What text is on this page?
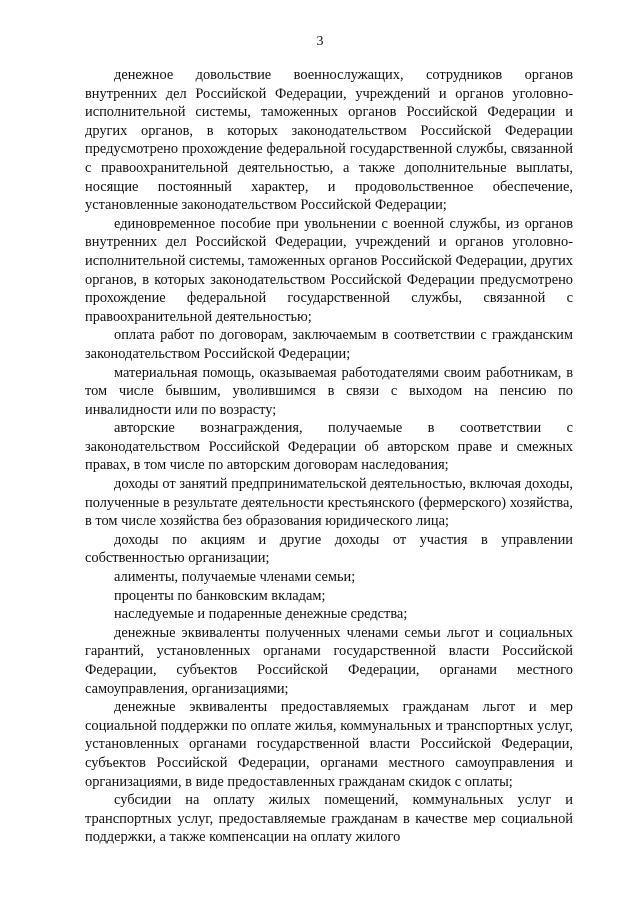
3

денежное довольствие военнослужащих, сотрудников органов внутренних дел Российской Федерации, учреждений и органов уголовно-исполнительной системы, таможенных органов Российской Федерации и других органов, в которых законодательством Российской Федерации предусмотрено прохождение федеральной государственной службы, связанной с правоохранительной деятельностью, а также дополнительные выплаты, носящие постоянный характер, и продовольственное обеспечение, установленные законодательством Российской Федерации;

единовременное пособие при увольнении с военной службы, из органов внутренних дел Российской Федерации, учреждений и органов уголовно-исполнительной системы, таможенных органов Российской Федерации, других органов, в которых законодательством Российской Федерации предусмотрено прохождение федеральной государственной службы, связанной с правоохранительной деятельностью;

оплата работ по договорам, заключаемым в соответствии с гражданским законодательством Российской Федерации;

материальная помощь, оказываемая работодателями своим работникам, в том числе бывшим, уволившимся в связи с выходом на пенсию по инвалидности или по возрасту;

авторские вознаграждения, получаемые в соответствии с законодательством Российской Федерации об авторском праве и смежных правах, в том числе по авторским договорам наследования;

доходы от занятий предпринимательской деятельностью, включая доходы, полученные в результате деятельности крестьянского (фермерского) хозяйства, в том числе хозяйства без образования юридического лица;

доходы по акциям и другие доходы от участия в управлении собственностью организации;

алименты, получаемые членами семьи;

проценты по банковским вкладам;

наследуемые и подаренные денежные средства;

денежные эквиваленты полученных членами семьи льгот и социальных гарантий, установленных органами государственной власти Российской Федерации, субъектов Российской Федерации, органами местного самоуправления, организациями;

денежные эквиваленты предоставляемых гражданам льгот и мер социальной поддержки по оплате жилья, коммунальных и транспортных услуг, установленных органами государственной власти Российской Федерации, субъектов Российской Федерации, органами местного самоуправления и организациями, в виде предоставленных гражданам скидок с оплаты;

субсидии на оплату жилых помещений, коммунальных услуг и транспортных услуг, предоставляемые гражданам в качестве мер социальной поддержки, а также компенсации на оплату жилого
